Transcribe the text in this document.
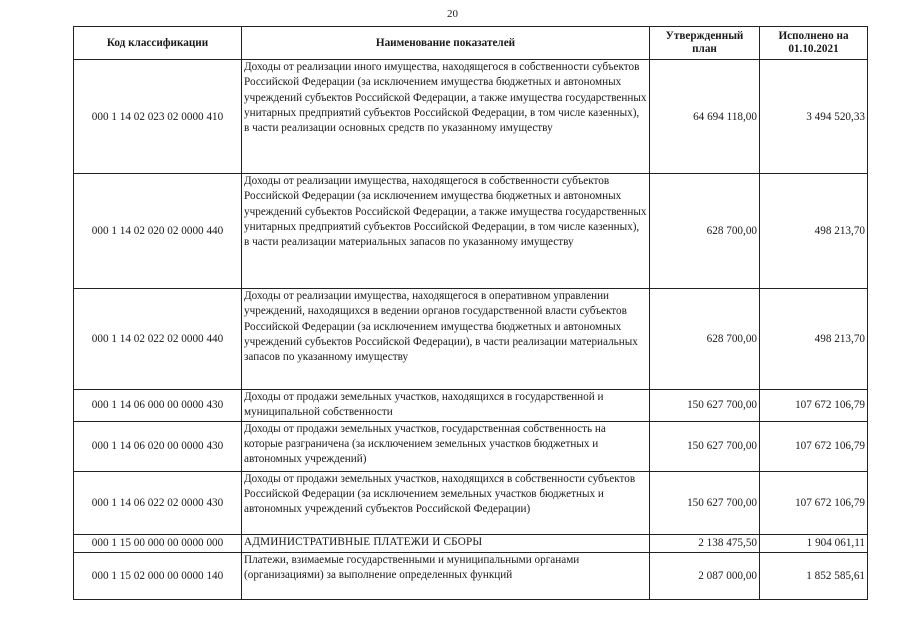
20
Код классификации	Наименование показателей	Утвержденный план	Исполнено на 01.10.2021
000 1 14 02 023 02 0000 410	Доходы от реализации иного имущества, находящегося в собственности субъектов Российской Федерации (за исключением имущества бюджетных и автономных учреждений субъектов Российской Федерации, а также имущества государственных унитарных предприятий субъектов Российской Федерации, в том числе казенных), в части реализации основных средств по указанному имуществу	64 694 118,00	3 494 520,33
000 1 14 02 020 02 0000 440	Доходы от реализации имущества, находящегося в собственности субъектов Российской Федерации (за исключением имущества бюджетных и автономных учреждений субъектов Российской Федерации, а также имущества государственных унитарных предприятий субъектов Российской Федерации, в том числе казенных), в части реализации материальных запасов по указанному имуществу	628 700,00	498 213,70
000 1 14 02 022 02 0000 440	Доходы от реализации имущества, находящегося в оперативном управлении учреждений, находящихся в ведении органов государственной власти субъектов Российской Федерации (за исключением имущества бюджетных и автономных учреждений субъектов Российской Федерации), в части реализации материальных запасов по указанному имуществу	628 700,00	498 213,70
000 1 14 06 000 00 0000 430	Доходы от продажи земельных участков, находящихся в государственной и муниципальной собственности	150 627 700,00	107 672 106,79
000 1 14 06 020 00 0000 430	Доходы от продажи земельных участков, государственная собственность на которые разграничена (за исключением земельных участков бюджетных и автономных учреждений)	150 627 700,00	107 672 106,79
000 1 14 06 022 02 0000 430	Доходы от продажи земельных участков, находящихся в собственности субъектов Российской Федерации (за исключением земельных участков бюджетных и автономных учреждений субъектов Российской Федерации)	150 627 700,00	107 672 106,79
000 1 15 00 000 00 0000 000	АДМИНИСТРАТИВНЫЕ ПЛАТЕЖИ И СБОРЫ	2 138 475,50	1 904 061,11
000 1 15 02 000 00 0000 140	Платежи, взимаемые государственными и муниципальными органами (организациями) за выполнение определенных функций	2 087 000,00	1 852 585,61
